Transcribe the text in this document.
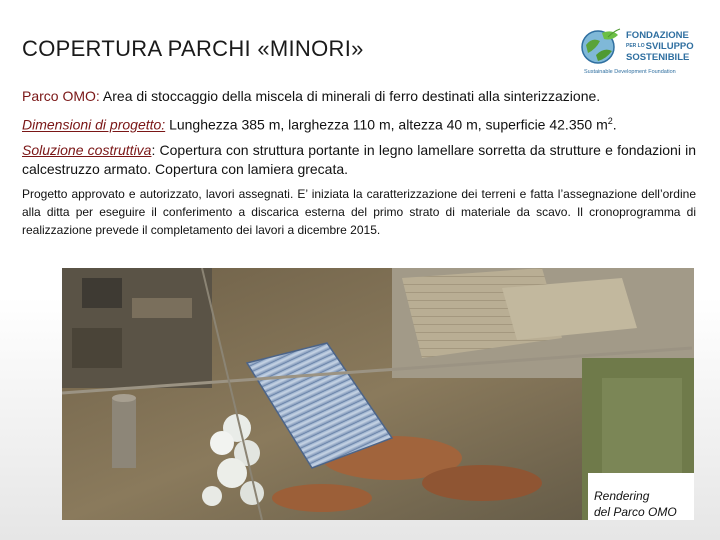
COPERTURA PARCHI «MINORI»
FONDAZIONE
PER LOSVILUPPO
SOSTENIBILE
Sustainable Development Foundation
Parco OMO: Area di stoccaggio della miscela di minerali di ferro destinati alla sinterizzazione.
Dimensioni di progetto: Lunghezza 385 m, larghezza 110 m, altezza 40 m, superficie 42.350 $m^2$.
Soluzione costruttiva: Copertura con struttura portante in legno lamellare sorretta da strutture e fondazioni in calcestruzzo armato. Copertura con lamiera grecata.
Progetto approvato e autorizzato, lavori assegnati. E’ iniziata la caratterizzazione dei terreni e fatta l’assegnazione dell’ordine alla ditta per eseguire il conferimento a discarica esterna del primo strato di materiale da scavo. Il cronoprogramma di realizzazione prevede il completamento dei lavori a dicembre 2015.
Rendering
del Parco OMO
